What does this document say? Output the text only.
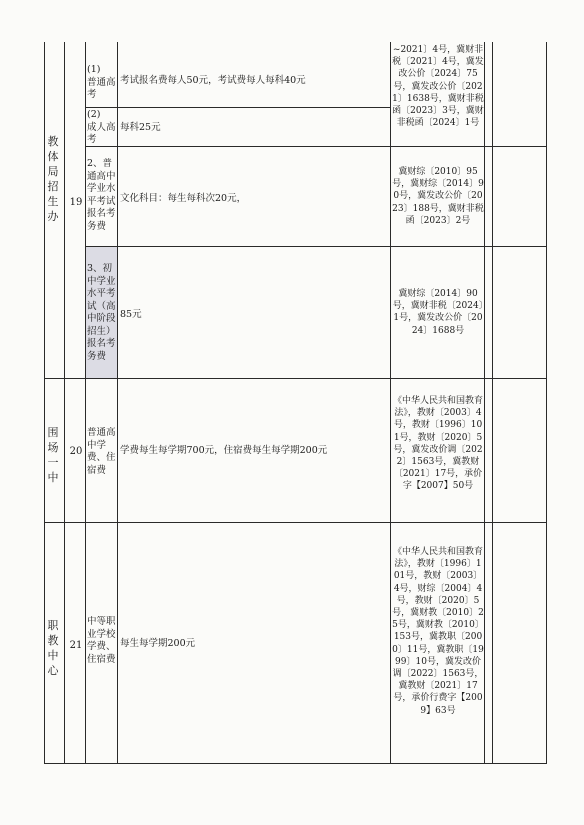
教体局招生办
19
(1)
普通高考
考试报名费每人50元，考试费每人每科40元
~2021〕4号，冀财非税〔2021〕4号，冀发改公价〔2024〕75号，冀发改公价〔2021〕1638号，冀财非税函〔2023〕3号，冀财非税函〔2024〕1号
(2)
成人高考
每科25元
2、普通高中学业水平考试报名考务费
文化科目：每生每科次20元，
冀财综〔2010〕95号，冀财综〔2014〕90号，冀发改公价〔2023〕188号，冀财非税函〔2023〕2号
3、初中学业水平考试（高中阶段招生）报名考务费
85元
冀财综〔2014〕90号，冀财非税〔2024〕1号，冀发改公价〔2024〕1688号
围场一中
20
普通高中学费、住宿费
学费每生每学期700元，住宿费每生每学期200元
《中华人民共和国教育法》，教财〔2003〕4号，教财〔1996〕101号，教财〔2020〕5号，冀发改价调〔2022〕1563号，冀教财〔2021〕17号，承价字【2007】50号
职教中心
21
中等职业学校学费、住宿费
每生每学期200元
《中华人民共和国教育法》，教财〔1996〕101号，教财〔2003〕4号，财综〔2004〕4号，教财〔2020〕5号，冀财教〔2010〕25号，冀财教〔2010〕153号，冀教职〔2000〕11号，冀教职〔1999〕10号，冀发改价调〔2022〕1563号，冀教财〔2021〕17号，承价行费字【2009】63号
